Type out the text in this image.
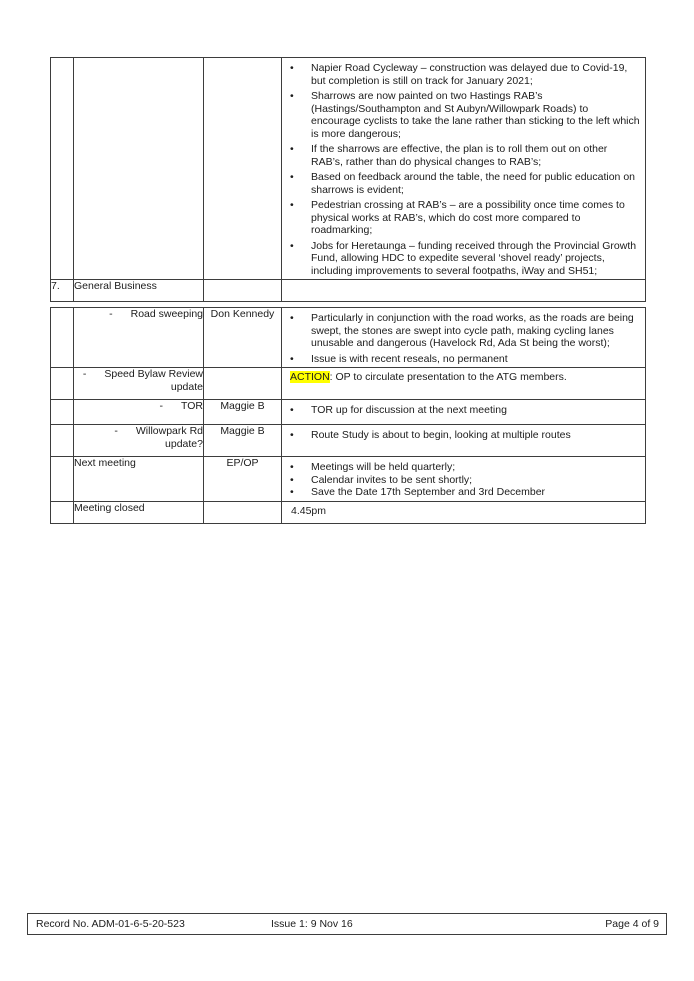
• Napier Road Cycleway – construction was delayed due to Covid-19, but completion is still on track for January 2021;
• Sharrows are now painted on two Hastings RAB’s (Hastings/Southampton and St Aubyn/Willowpark Roads) to encourage cyclists to take the lane rather than sticking to the left which is more dangerous;
• If the sharrows are effective, the plan is to roll them out on other RAB’s, rather than do physical changes to RAB’s;
• Based on feedback around the table, the need for public education on sharrows is evident;
• Pedestrian crossing at RAB’s – are a possibility once time comes to physical works at RAB’s, which do cost more compared to roadmarking;
• Jobs for Heretaunga – funding received through the Provincial Growth Fund, allowing HDC to expedite several ‘shovel ready’ projects, including improvements to several footpaths, iWay and SH51;

7.	General Business		

	- Road sweeping	Don Kennedy	
•Particularly in conjunction with the road works, as the roads are being swept, the stones are swept into cycle path, making cycling lanes unusable and dangerous (Havelock Rd, Ada St being the worst);
• Issue is with recent reseals, no permanent

	- Speed Bylaw Review update		ACTION: OP to circulate presentation to the ATG members.

	- TOR	Maggie B	
•TOR up for discussion at the next meeting

	- Willowpark Rd update?	Maggie B	
•Route Study is about to begin, looking at multiple routes

	Next meeting	EP/OP	
•Meetings will be held quarterly;
• Calendar invites to be sent shortly;
• Save the Date 17th September and 3rd December

	Meeting closed		4.45pm
Record No. ADM-01-6-5-20-523	Issue 1: 9 Nov 16	Page 4 of 9
